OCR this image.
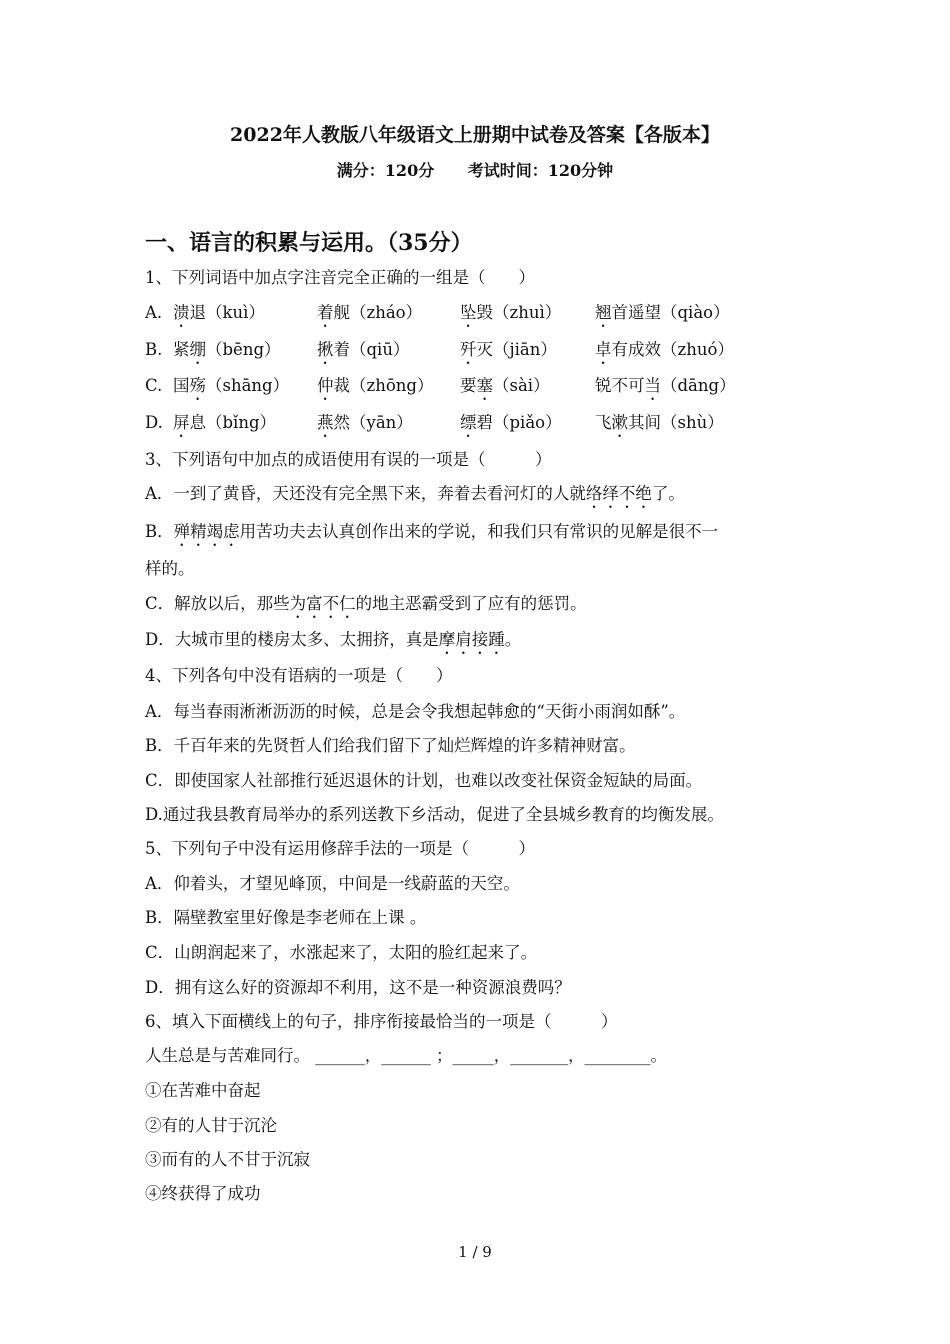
2022年人教版八年级语文上册期中试卷及答案【各版本】
满分：120分 考试时间：120分钟
一、语言的积累与运用。（35分）
1、下列词语中加点字注音完全正确的一组是（　　）
A. 溃退（kuì）	着舰（zháo） 坠毁（zhuì） 翘首遥望（qiào）
B. 紧绷（bēng） 揪着（qiū）	歼灭（jiān） 卓有成效（zhuó）
C. 国殇（shāng） 仲裁（zhōng） 要塞（sài）	锐不可当（dāng）
D. 屏息（bǐng） 燕然（yān）	缥碧（piǎo） 飞漱其间（shù）
3、下列语句中加点的成语使用有误的一项是（　　　）
A．一到了黄昏，天还没有完全黑下来，奔着去看河灯的人就络绎不绝了。
B．殚精竭虑用苦功夫去认真创作出来的学说，和我们只有常识的见解是很不一
样的。
C．解放以后，那些为富不仁的地主恶霸受到了应有的惩罚。
D．大城市里的楼房太多、太拥挤，真是摩肩接踵。
4、下列各句中没有语病的一项是（　　）
A．每当春雨淅淅沥沥的时候，总是会令我想起韩愈的“天街小雨润如酥”。
B．千百年来的先贤哲人们给我们留下了灿烂辉煌的许多精神财富。
C．即使国家人社部推行延迟退休的计划，也难以改变社保资金短缺的局面。
D.通过我县教育局举办的系列送教下乡活动，促进了全县城乡教育的均衡发展。
5、下列句子中没有运用修辞手法的一项是（　　　）
A．仰着头，才望见峰顶，中间是一线蔚蓝的天空。
B．隔壁教室里好像是李老师在上课 。
C．山朗润起来了，水涨起来了，太阳的脸红起来了。
D．拥有这么好的资源却不利用，这不是一种资源浪费吗？
6、填入下面横线上的句子，排序衔接最恰当的一项是（　　　）
人生总是与苦难同行。 ______，______ ；_____，_______，________。
①在苦难中奋起
②有的人甘于沉沦
③而有的人不甘于沉寂
④终获得了成功
1 / 9
